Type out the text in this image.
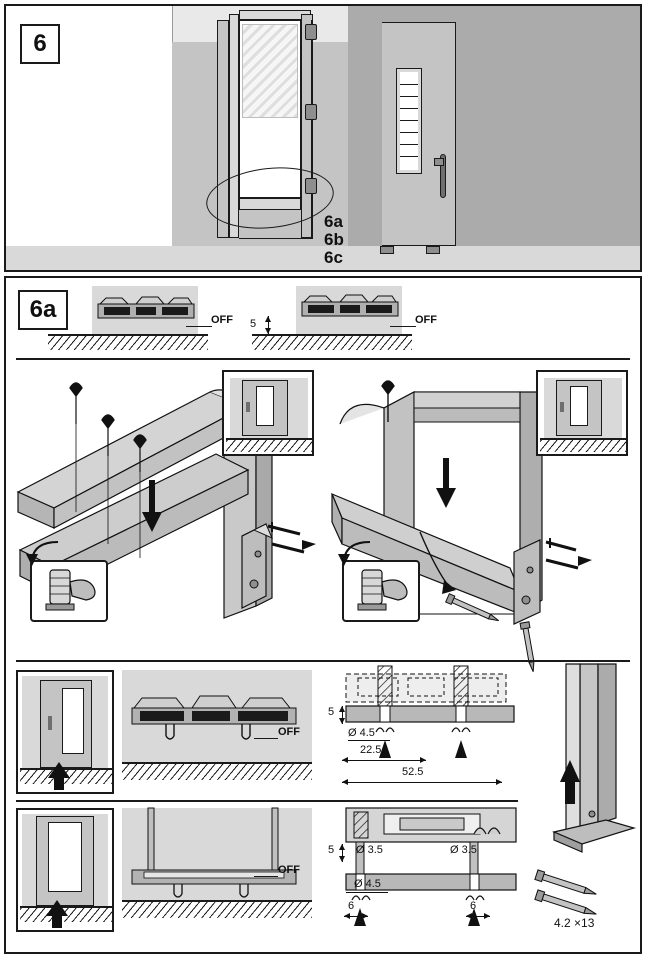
6
6a
6b
6c
6a	OFF	OFF
5
OFF
5
Ø 4.5
22.5
52.5
OFF
5 Ø 3.5	Ø 3.5
Ø 4.5
6	6
4.2 ×13
